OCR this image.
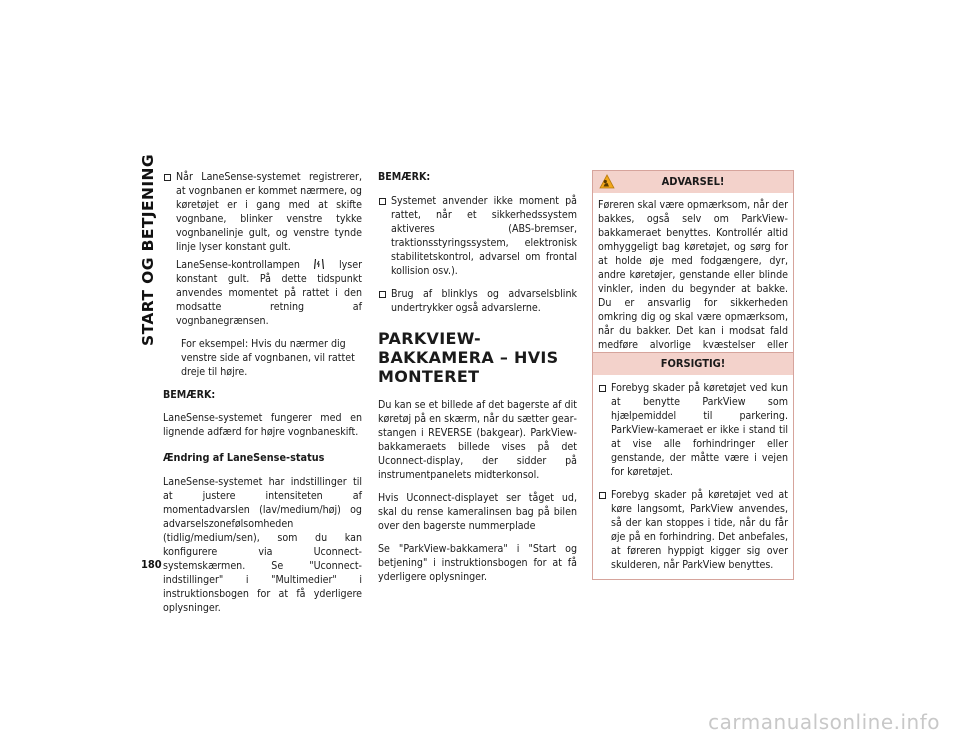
START OG BETJENING
180
Når LaneSense-systemet registrerer, at vognbanen er kommet nærmere, og køretøjet er i gang med at skifte vognbane, blinker venstre tykke vognbanelinje gult, og venstre tynde linje lyser konstant gult.
LaneSense-kontrollampen	lyser konstant gult. På dette tidspunkt anvendes momentet på rattet i den modsatte retning af vognbanegrænsen.
For eksempel: Hvis du nærmer dig venstre side af vognbanen, vil rattet dreje til højre.

BEMÆRK:

LaneSense-systemet fungerer med en lignende adfærd for højre vognbaneskift.

Ændring af LaneSense-status

LaneSense-systemet har indstillinger til at justere intensiteten af momentadvarslen (lav/medium/høj) og advarselszonefølsomheden (tidlig/medium/sen), som du kan konfigurere via Uconnect-systemskærmen. Se "Uconnect-indstillinger" i "Multimedier" i instruktionsbogen for at få yderligere oplysninger.

BEMÆRK:

Systemet anvender ikke moment på rattet, når et sikkerhedssystem aktiveres (ABS-bremser, traktionsstyringssystem, elektronisk stabilitetskontrol, advarsel om frontal kollision osv.).
Brug af blinklys og advarselsblink undertrykker også advarslerne.
PARKVIEW-BAKKAMERA – HVIS MONTERET

Du kan se et billede af det bagerste af dit køretøj på en skærm, når du sætter gearstangen i REVERSE (bakgear). ParkView-bakkameraets billede vises på det Uconnect-display, der sidder på instrumentpanelets midterkonsol.

Hvis Uconnect-displayet ser tåget ud, skal du rense kameralinsen bag på bilen over den bagerste nummerplade

Se "ParkView-bakkamera" i "Start og betjening" i instruktionsbogen for at få yderligere oplysninger.

ADVARSEL!

Føreren skal være opmærksom, når der bakkes, også selv om ParkView-bakkameraet benyttes. Kontrollér altid omhyggeligt bag køretøjet, og sørg for at holde øje med fodgængere, dyr, andre køretøjer, genstande eller blinde vinkler, inden du begynder at bakke. Du er ansvarlig for sikkerheden omkring dig og skal være opmærksom, når du bakker. Det kan i modsat fald medføre alvorlige kvæstelser eller

FORSIGTIG!
Forebyg skader på køretøjet ved kun at benytte ParkView som hjælpemiddel til parkering. ParkView-kameraet er ikke i stand til at vise alle forhindringer eller genstande, der måtte være i vejen for køretøjet.
Forebyg skader på køretøjet ved at køre langsomt, ParkView anvendes, så der kan stoppes i tide, når du får øje på en forhindring. Det anbefales, at føreren hyppigt kigger sig over skulderen, når ParkView benyttes.
carmanualsonline.info
